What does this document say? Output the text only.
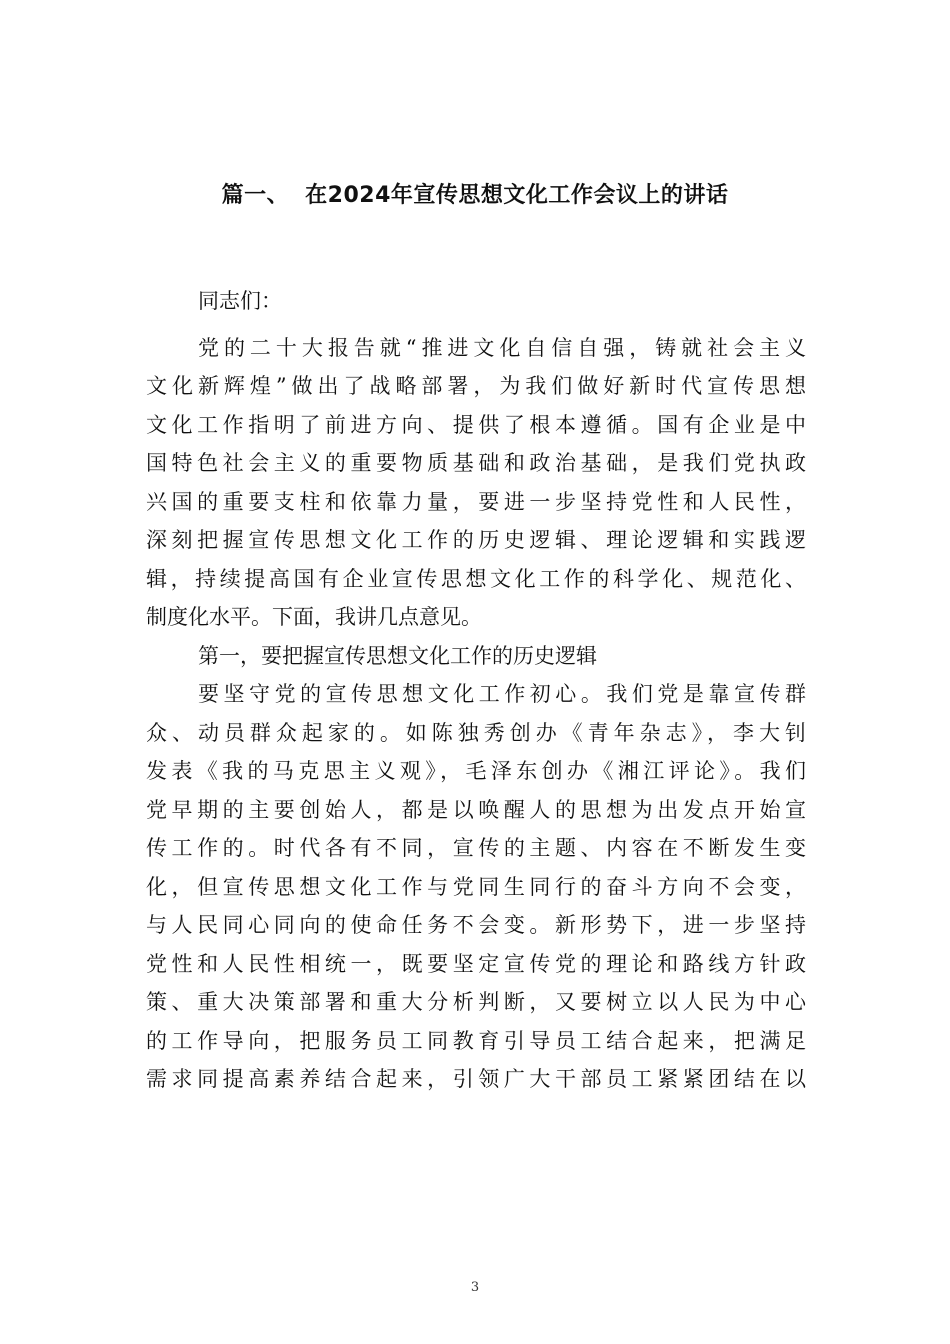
篇一、 在2024年宣传思想文化工作会议上的讲话
同志们：
党的二十大报告就“推进文化自信自强，铸就社会主义
文化新辉煌”做出了战略部署，为我们做好新时代宣传思想
文化工作指明了前进方向、提供了根本遵循。国有企业是中
国特色社会主义的重要物质基础和政治基础，是我们党执政
兴国的重要支柱和依靠力量，要进一步坚持党性和人民性，
深刻把握宣传思想文化工作的历史逻辑、理论逻辑和实践逻
辑，持续提高国有企业宣传思想文化工作的科学化、规范化、
制度化水平。下面，我讲几点意见。
第一，要把握宣传思想文化工作的历史逻辑
要坚守党的宣传思想文化工作初心。我们党是靠宣传群
众、动员群众起家的。如陈独秀创办《青年杂志》，李大钊
发表《我的马克思主义观》，毛泽东创办《湘江评论》。我们
党早期的主要创始人，都是以唤醒人的思想为出发点开始宣
传工作的。时代各有不同，宣传的主题、内容在不断发生变
化，但宣传思想文化工作与党同生同行的奋斗方向不会变，
与人民同心同向的使命任务不会变。新形势下，进一步坚持
党性和人民性相统一，既要坚定宣传党的理论和路线方针政
策、重大决策部署和重大分析判断，又要树立以人民为中心
的工作导向，把服务员工同教育引导员工结合起来，把满足
需求同提高素养结合起来，引领广大干部员工紧紧团结在以
3
